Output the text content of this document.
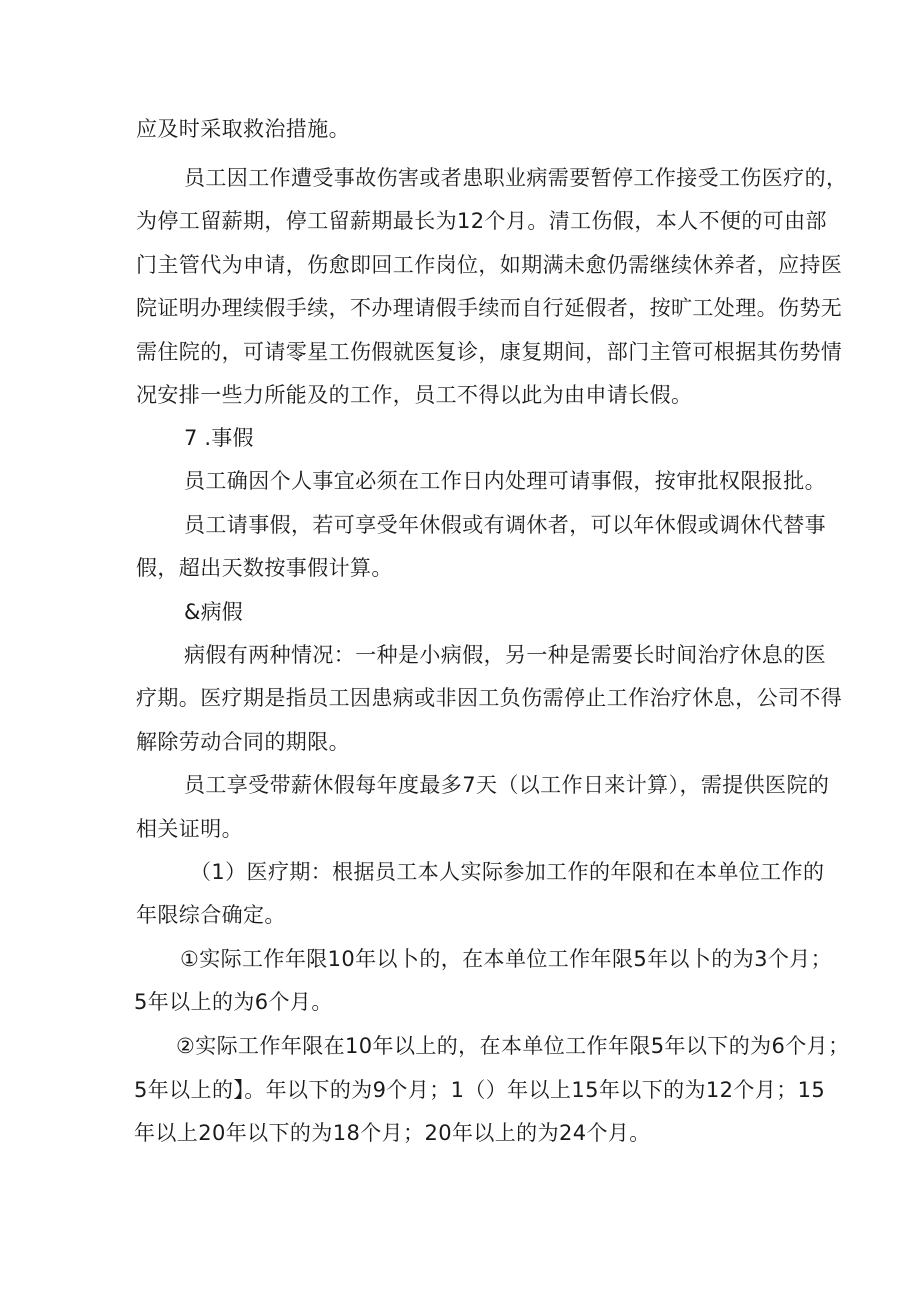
应及时采取救治措施。
员工因工作遭受事故伤害或者患职业病需要暂停工作接受工伤医疗的，
为停工留薪期，停工留薪期最长为12个月。清工伤假，本人不便的可由部
门主管代为申请，伤愈即回工作岗位，如期满未愈仍需继续休养者，应持医
院证明办理续假手续，不办理请假手续而自行延假者，按旷工处理。伤势无
需住院的，可请零星工伤假就医复诊，康复期间，部门主管可根据其伤势情
况安排一些力所能及的工作，员工不得以此为由申请长假。
7 .事假
员工确因个人事宜必须在工作日内处理可请事假，按审批权限报批。
员工请事假，若可享受年休假或有调休者，可以年休假或调休代替事
假，超出天数按事假计算。
&病假
病假有两种情况：一种是小病假，另一种是需要长时间治疗休息的医
疗期。医疗期是指员工因患病或非因工负伤需停止工作治疗休息，公司不得
解除劳动合同的期限。
员工享受带薪休假每年度最多7天（以工作日来计算），需提供医院的
相关证明。
（1）医疗期：根据员工本人实际参加工作的年限和在本单位工作的
年限综合确定。
①实际工作年限10年以卜的，在本单位工作年限5年以卜的为3个月；
5年以上的为6个月。
②实际工作年限在10年以上的，在本单位工作年限5年以下的为6个月；
5年以上的】。年以下的为9个月；1（）年以上15年以下的为12个月；15
年以上20年以下的为18个月；20年以上的为24个月。
